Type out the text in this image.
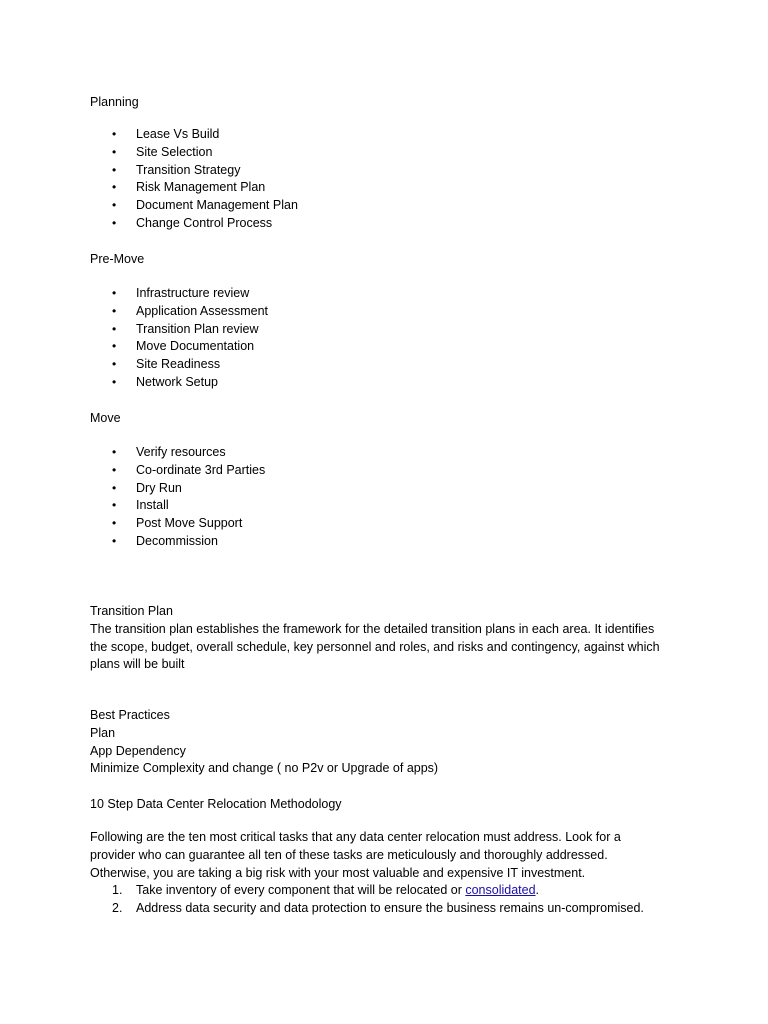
Planning
• Lease Vs Build
• Site Selection
• Transition Strategy
• Risk Management Plan
• Document Management Plan
• Change Control Process
Pre-Move
• Infrastructure review
• Application Assessment
• Transition Plan review
• Move Documentation
• Site Readiness
• Network Setup
Move
• Verify resources
• Co-ordinate 3rd Parties
• Dry Run
• Install
• Post Move Support
• Decommission
Transition Plan
The transition plan establishes the framework for the detailed transition plans in each area. It identifies
the scope, budget, overall schedule, key personnel and roles, and risks and contingency, against which
plans will be built
Best Practices
Plan
App Dependency
Minimize Complexity and change ( no P2v or Upgrade of apps)
10 Step Data Center Relocation Methodology
Following are the ten most critical tasks that any data center relocation must address. Look for a
provider who can guarantee all ten of these tasks are meticulously and thoroughly addressed.
Otherwise, you are taking a big risk with your most valuable and expensive IT investment.
1. Take inventory of every component that will be relocated or consolidated.
2. Address data security and data protection to ensure the business remains un-compromised.
